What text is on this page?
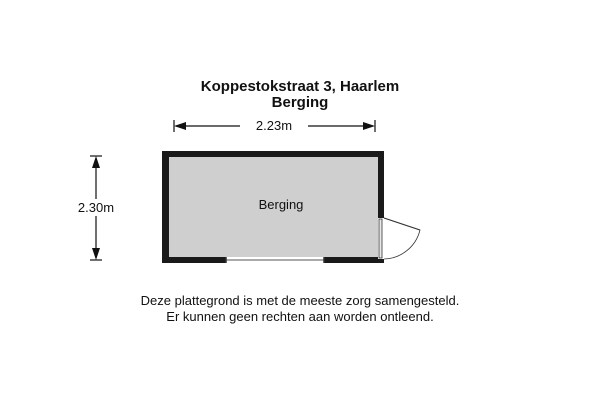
Koppestokstraat 3, Haarlem
Berging
2.23m
2.30m	Berging
Deze plattegrond is met de meeste zorg samengesteld.
Er kunnen geen rechten aan worden ontleend.
